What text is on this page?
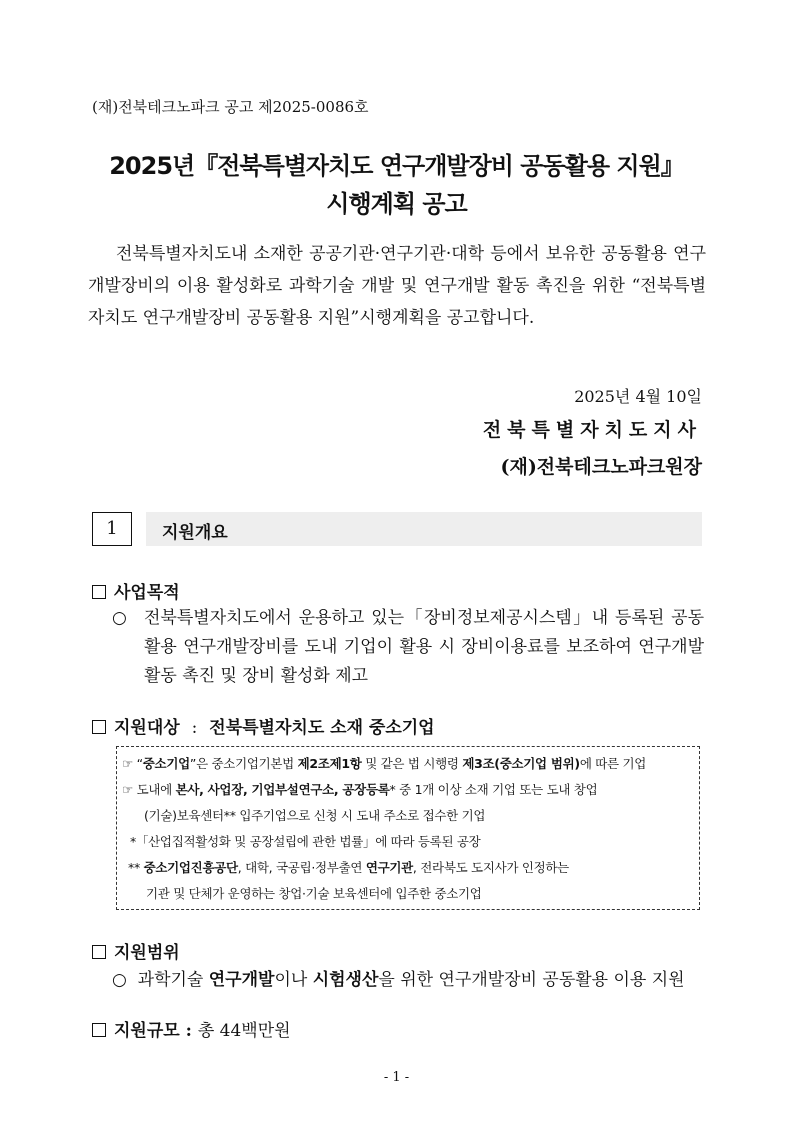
(재)전북테크노파크 공고 제2025-0086호
2025년『전북특별자치도 연구개발장비 공동활용 지원』
시행계획 공고
전북특별자치도내 소재한 공공기관·연구기관·대학 등에서 보유한 공동활용 연구개발장비의 이용 활성화로 과학기술 개발 및 연구개발 활동 촉진을 위한 “전북특별자치도 연구개발장비 공동활용 지원”시행계획을 공고합니다.
2025년 4월 10일
전북특별자치도지사
(재)전북테크노파크원장
1	지원개요
사업목적
○ 전북특별자치도에서 운용하고 있는「장비정보제공시스템」내 등록된 공동활용 연구개발장비를 도내 기업이 활용 시 장비이용료를 보조하여 연구개발 활동 촉진 및 장비 활성화 제고
지원대상 : 전북특별자치도 소재 중소기업
☞ “중소기업”은 중소기업기본법 제2조제1항 및 같은 법 시행령 제3조(중소기업 범위)에 따른 기업
☞ 도내에 본사, 사업장, 기업부설연구소, 공장등록* 중 1개 이상 소재 기업 또는 도내 창업
(기술)보육센터** 입주기업으로 신청 시 도내 주소로 접수한 기업
*「산업집적활성화 및 공장설립에 관한 법률」에 따라 등록된 공장
** 중소기업진흥공단, 대학, 국공립·정부출연 연구기관, 전라북도 도지사가 인정하는
기관 및 단체가 운영하는 창업·기술 보육센터에 입주한 중소기업
지원범위
○ 과학기술 연구개발이나 시험생산을 위한 연구개발장비 공동활용 이용 지원
지원규모 : 총 44백만원
- 1 -
